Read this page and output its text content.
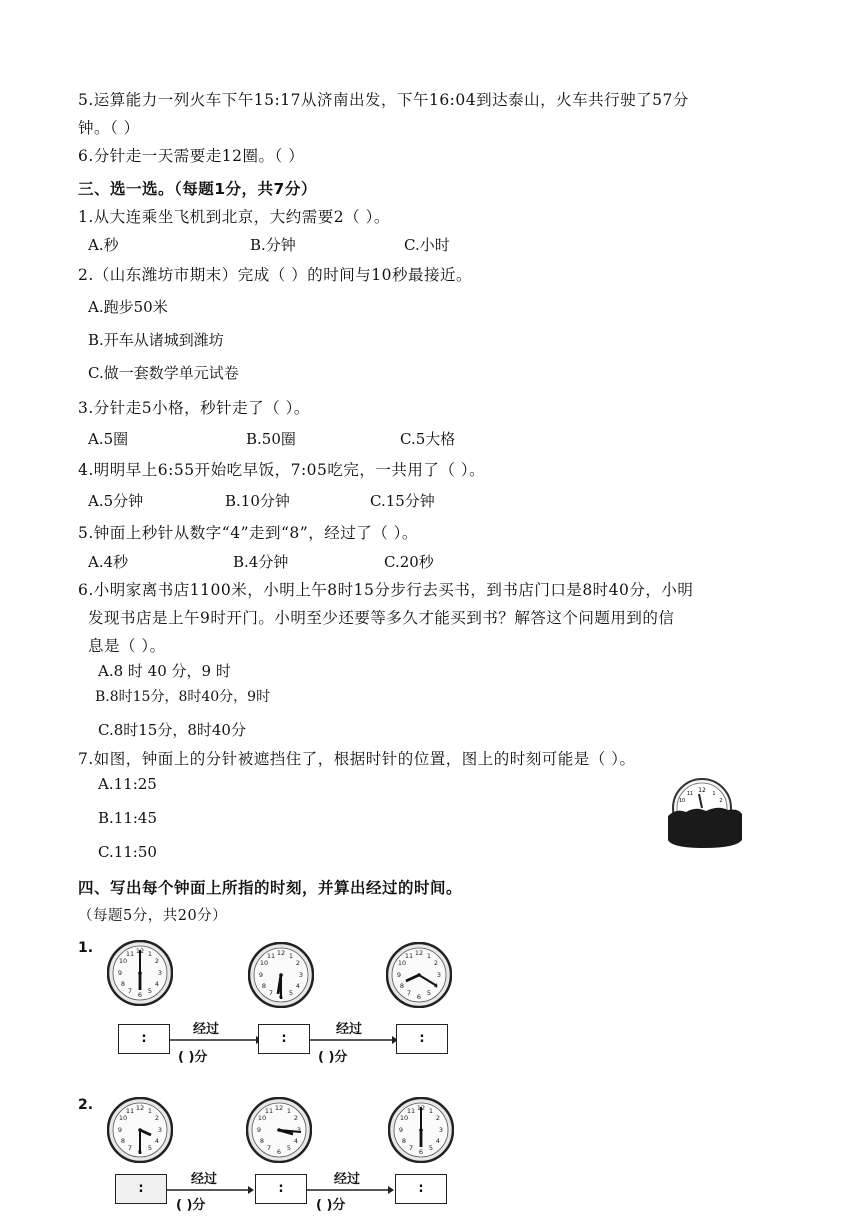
5.运算能力一列火车下午15:17从济南出发，下午16:04到达泰山，火车共行驶了57分
钟。（ ）
6.分针走一天需要走12圈。（ ）
三、选一选。（每题1分，共7分）
1.从大连乘坐飞机到北京，大约需要2（ ）。
A.秒	B.分钟	C.小时
2.（山东潍坊市期末）完成（ ）的时间与10秒最接近。
A.跑步50米
B.开车从诸城到潍坊
C.做一套数学单元试卷
3.分针走5小格，秒针走了（ ）。
A.5圈	B.50圈	C.5大格
4.明明早上6:55开始吃早饭，7:05吃完，一共用了（ ）。
A.5分钟	B.10分钟	C.15分钟
5.钟面上秒针从数字“4”走到“8”，经过了（ ）。
A.4秒	B.4分钟	C.20秒
6.小明家离书店1100米，小明上午8时15分步行去买书，到书店门口是8时40分，小明
发现书店是上午9时开门。小明至少还要等多久才能买到书？解答这个问题用到的信
息是（ ）。
A.8 时 40 分，9 时
B.8时15分，8时40分，9时
C.8时15分，8时40分
7.如图，钟面上的分针被遮挡住了，根据时针的位置，图上的时刻可能是（ ）。
A.11:25
B.11:45
C.11:50
12
11	1
2
10
四、写出每个钟面上所指的时刻，并算出经过的时间。
（每题5分，共20分）
1.
2.
:	:	:
经过	经过
( )分	( )分
:	:	:
经过	经过
( )分	( )分
